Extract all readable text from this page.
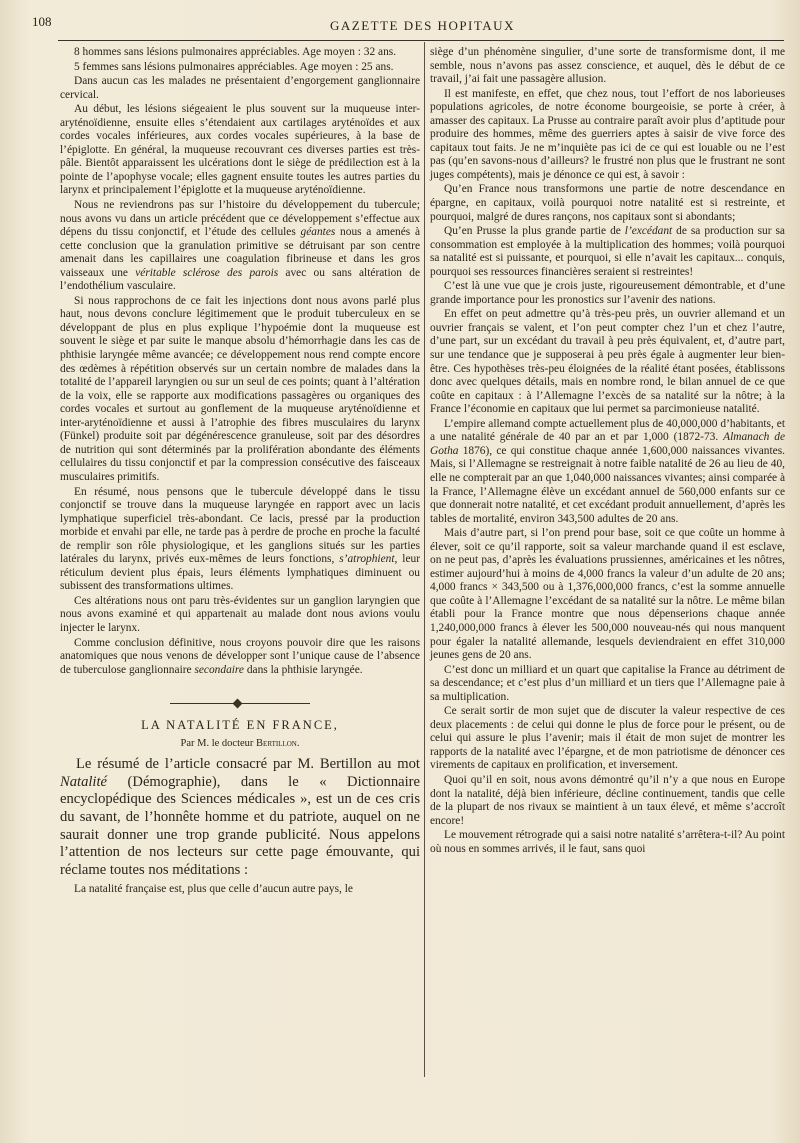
GAZETTE DES HOPITAUX
108

8 hommes sans lésions pulmonaires appréciables. Age moyen : 32 ans.

5 femmes sans lésions pulmonaires appréciables. Age moyen : 25 ans.

Dans aucun cas les malades ne présentaient d’engorgement ganglionnaire cervical.

Au début, les lésions siégeaient le plus souvent sur la muqueuse inter-aryténoïdienne, ensuite elles s’étendaient aux cartilages aryténoïdes et aux cordes vocales inférieures, aux cordes vocales supérieures, à la base de l’épiglotte. En général, la muqueuse recouvrant ces diverses parties est très-pâle. Bientôt apparaissent les ulcérations dont le siège de prédilection est à la pointe de l’apophyse vocale; elles gagnent ensuite toutes les autres parties du larynx et principalement l’épiglotte et la muqueuse aryténoïdienne.

Nous ne reviendrons pas sur l’histoire du développement du tubercule; nous avons vu dans un article précédent que ce développement s’effectue aux dépens du tissu conjonctif, et l’étude des cellules géantes nous a amenés à cette conclusion que la granulation primitive se détruisant par son centre amenait dans les capillaires une coagulation fibrineuse et dans les gros vaisseaux une véritable sclérose des parois avec ou sans altération de l’endothélium vasculaire.

Si nous rapprochons de ce fait les injections dont nous avons parlé plus haut, nous devons conclure légitimement que le produit tuberculeux en se développant de plus en plus explique l’hypoémie dont la muqueuse est souvent le siège et par suite le manque absolu d’hémorrhagie dans les cas de phthisie laryngée même avancée; ce développement nous rend compte encore des œdèmes à répétition observés sur un certain nombre de malades dans la totalité de l’appareil laryngien ou sur un seul de ces points; quant à l’altération de la voix, elle se rapporte aux modifications passagères ou organiques des cordes vocales et surtout au gonflement de la muqueuse aryténoïdienne et inter-aryténoïdienne et aussi à l’atrophie des fibres musculaires du larynx (Fünkel) produite soit par dégénérescence granuleuse, soit par des désordres de nutrition qui sont déterminés par la prolifération abondante des éléments cellulaires du tissu conjonctif et par la compression consécutive des faisceaux musculaires primitifs.

En résumé, nous pensons que le tubercule développé dans le tissu conjonctif se trouve dans la muqueuse laryngée en rapport avec un lacis lymphatique superficiel très-abondant. Ce lacis, pressé par la production morbide et envahi par elle, ne tarde pas à perdre de proche en proche la faculté de remplir son rôle physiologique, et les ganglions situés sur les parties latérales du larynx, privés eux-mêmes de leurs fonctions, s’atrophient, leur réticulum devient plus épais, leurs éléments lymphatiques diminuent ou subissent des transformations ultimes.

Ces altérations nous ont paru très-évidentes sur un ganglion laryngien que nous avons examiné et qui appartenait au malade dont nous avions voulu injecter le larynx.

Comme conclusion définitive, nous croyons pouvoir dire que les raisons anatomiques que nous venons de développer sont l’unique cause de l’absence de tuberculose ganglionnaire secondaire dans la phthisie laryngée.

LA NATALITÉ EN FRANCE,
Par M. le docteur Bertillon.

Le résumé de l’article consacré par M. Bertillon au mot Natalité (Démographie), dans le « Dictionnaire encyclopédique des Sciences médicales », est un de ces cris du savant, de l’honnête homme et du patriote, auquel on ne saurait donner une trop grande publicité. Nous appelons l’attention de nos lecteurs sur cette page émouvante, qui réclame toutes nos méditations :

La natalité française est, plus que celle d’aucun autre pays, le

siège d’un phénomène singulier, d’une sorte de transformisme dont, il me semble, nous n’avons pas assez conscience, et auquel, dès le début de ce travail, j’ai fait une passagère allusion.

Il est manifeste, en effet, que chez nous, tout l’effort de nos laborieuses populations agricoles, de notre économe bourgeoisie, se porte à créer, à amasser des capitaux. La Prusse au contraire paraît avoir plus d’aptitude pour produire des hommes, même des guerriers aptes à saisir de vive force des capitaux tout faits. Je ne m’inquiète pas ici de ce qui est louable ou ne l’est pas (qu’en savons-nous d’ailleurs? le frustré non plus que le frustrant ne sont juges compétents), mais je dénonce ce qui est, à savoir :

Qu’en France nous transformons une partie de notre descendance en épargne, en capitaux, voilà pourquoi notre natalité est si restreinte, et pourquoi, malgré de dures rançons, nos capitaux sont si abondants;

Qu’en Prusse la plus grande partie de l’excédant de sa production sur sa consommation est employée à la multiplication des hommes; voilà pourquoi sa natalité est si puissante, et pourquoi, si elle n’avait les capitaux... conquis, pourquoi ses ressources financières seraient si restreintes!

C’est là une vue que je crois juste, rigoureusement démontrable, et d’une grande importance pour les pronostics sur l’avenir des nations.

En effet on peut admettre qu’à très-peu près, un ouvrier allemand et un ouvrier français se valent, et l’on peut compter chez l’un et chez l’autre, d’une part, sur un excédant du travail à peu près équivalent, et, d’autre part, sur une tendance que je supposerai à peu près égale à augmenter leur bien-être. Ces hypothèses très-peu éloignées de la réalité étant posées, établissons donc avec quelques détails, mais en nombre rond, le bilan annuel de ce que coûte en capitaux : à l’Allemagne l’excès de sa natalité sur la nôtre; à la France l’économie en capitaux que lui permet sa parcimonieuse natalité.

L’empire allemand compte actuellement plus de 40,000,000 d’habitants, et a une natalité générale de 40 par an et par 1,000 (1872-73. Almanach de Gotha 1876), ce qui constitue chaque année 1,600,000 naissances vivantes. Mais, si l’Allemagne se restreignait à notre faible natalité de 26 au lieu de 40, elle ne compterait par an que 1,040,000 naissances vivantes; ainsi comparée à la France, l’Allemagne élève un excédant annuel de 560,000 enfants sur ce que donnerait notre natalité, et cet excédant produit annuellement, d’après les tables de mortalité, environ 343,500 adultes de 20 ans.

Mais d’autre part, si l’on prend pour base, soit ce que coûte un homme à élever, soit ce qu’il rapporte, soit sa valeur marchande quand il est esclave, on ne peut pas, d’après les évaluations prussiennes, américaines et les nôtres, estimer aujourd’hui à moins de 4,000 francs la valeur d’un adulte de 20 ans; 4,000 francs × 343,500 ou à 1,376,000,000 francs, c’est la somme annuelle que coûte à l’Allemagne l’excédant de sa natalité sur la nôtre. Le même bilan établi pour la France montre que nous dépenserions chaque année 1,240,000,000 francs à élever les 500,000 nouveau-nés qui nous manquent pour égaler la natalité allemande, lesquels deviendraient en effet 310,000 jeunes gens de 20 ans.

C’est donc un milliard et un quart que capitalise la France au détriment de sa descendance; et c’est plus d’un milliard et un tiers que l’Allemagne paie à sa multiplication.

Ce serait sortir de mon sujet que de discuter la valeur respective de ces deux placements : de celui qui donne le plus de force pour le présent, ou de celui qui assure le plus l’avenir; mais il était de mon sujet de montrer les rapports de la natalité avec l’épargne, et de mon patriotisme de dénoncer ces virements de capitaux en prolification, et inversement.

Quoi qu’il en soit, nous avons démontré qu’il n’y a que nous en Europe dont la natalité, déjà bien inférieure, décline continuement, tandis que celle de la plupart de nos rivaux se maintient à un taux élevé, et même s’accroît encore!

Le mouvement rétrograde qui a saisi notre natalité s’arrêtera-t-il? Au point où nous en sommes arrivés, il le faut, sans quoi
